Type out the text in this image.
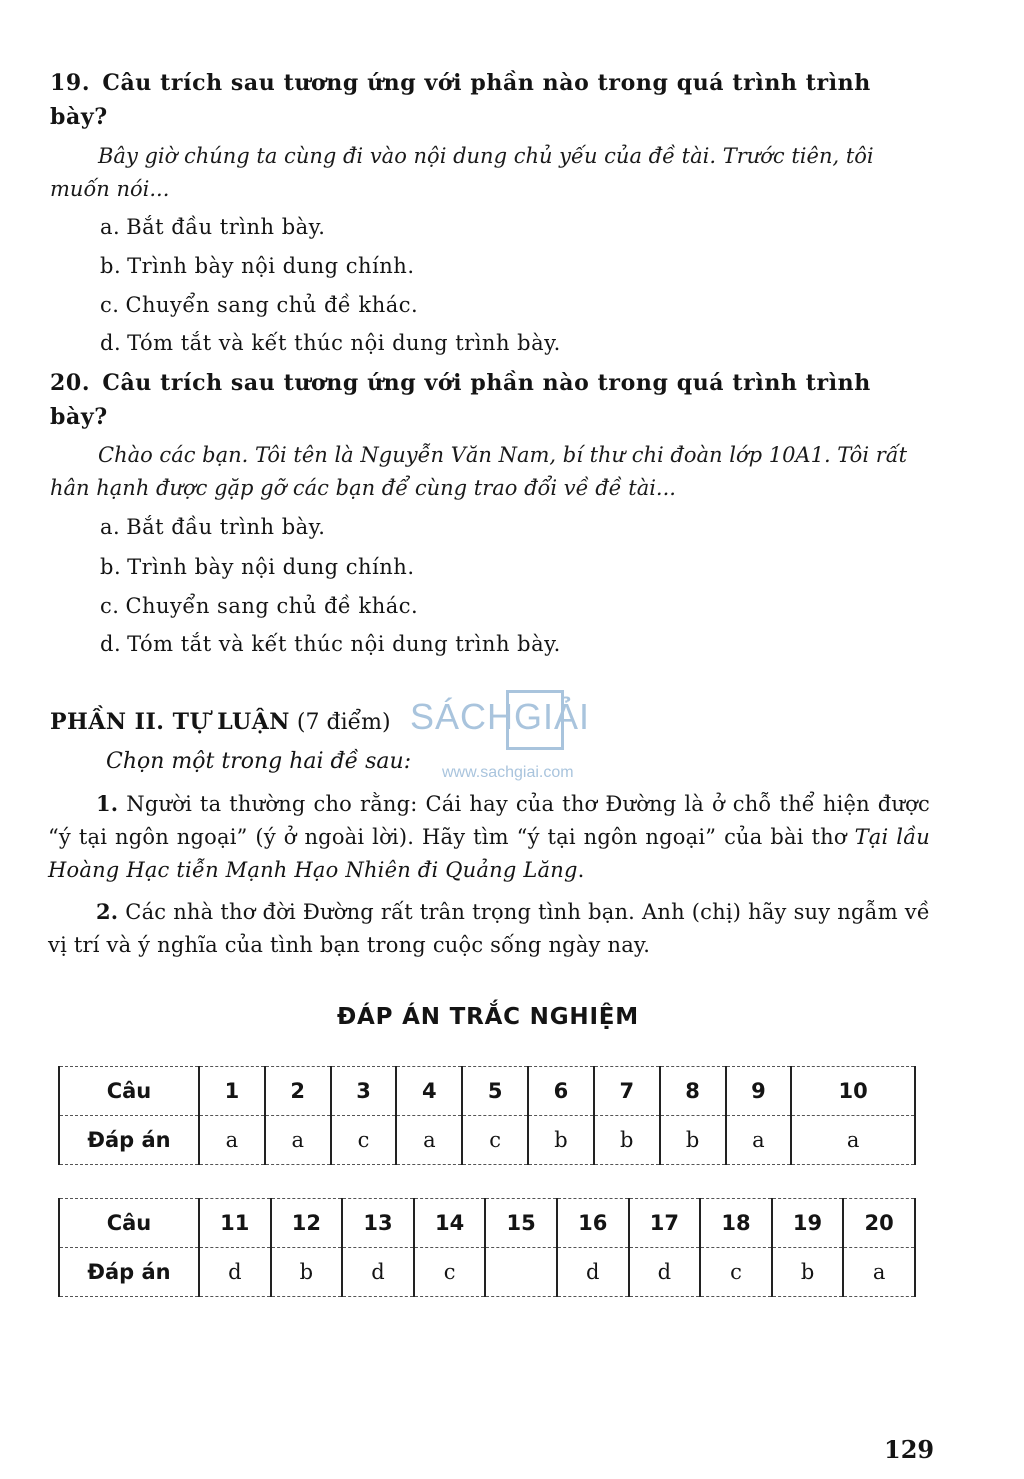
19. Câu trích sau tương ứng với phần nào trong quá trình trình bày?
Bây giờ chúng ta cùng đi vào nội dung chủ yếu của đề tài. Trước tiên, tôi muốn nói...
a. Bắt đầu trình bày.
b. Trình bày nội dung chính.
c. Chuyển sang chủ đề khác.
d. Tóm tắt và kết thúc nội dung trình bày.
20. Câu trích sau tương ứng với phần nào trong quá trình trình bày?
Chào các bạn. Tôi tên là Nguyễn Văn Nam, bí thư chi đoàn lớp 10A1. Tôi rất hân hạnh được gặp gỡ các bạn để cùng trao đổi về đề tài...
a. Bắt đầu trình bày.
b. Trình bày nội dung chính.
c. Chuyển sang chủ đề khác.
d. Tóm tắt và kết thúc nội dung trình bày.
PHẦN II. TỰ LUẬN (7 điểm)
Chọn một trong hai đề sau:
SÁCHGIẢI
www.sachgiai.com
1. Người ta thường cho rằng: Cái hay của thơ Đường là ở chỗ thể hiện được “ý tại ngôn ngoại” (ý ở ngoài lời). Hãy tìm “ý tại ngôn ngoại” của bài thơ Tại lầu Hoàng Hạc tiễn Mạnh Hạo Nhiên đi Quảng Lăng.
2. Các nhà thơ đời Đường rất trân trọng tình bạn. Anh (chị) hãy suy ngẫm về vị trí và ý nghĩa của tình bạn trong cuộc sống ngày nay.
ĐÁP ÁN TRẮC NGHIỆM
Câu	1	2	3	4	5	6	7	8	9	10
Đáp án	a	a	c	a	c	b	b	b	a	a
Câu	11	12	13	14	15	16	17	18	19	20
Đáp án	d	b	d	c		d	d	c	b	a
129
